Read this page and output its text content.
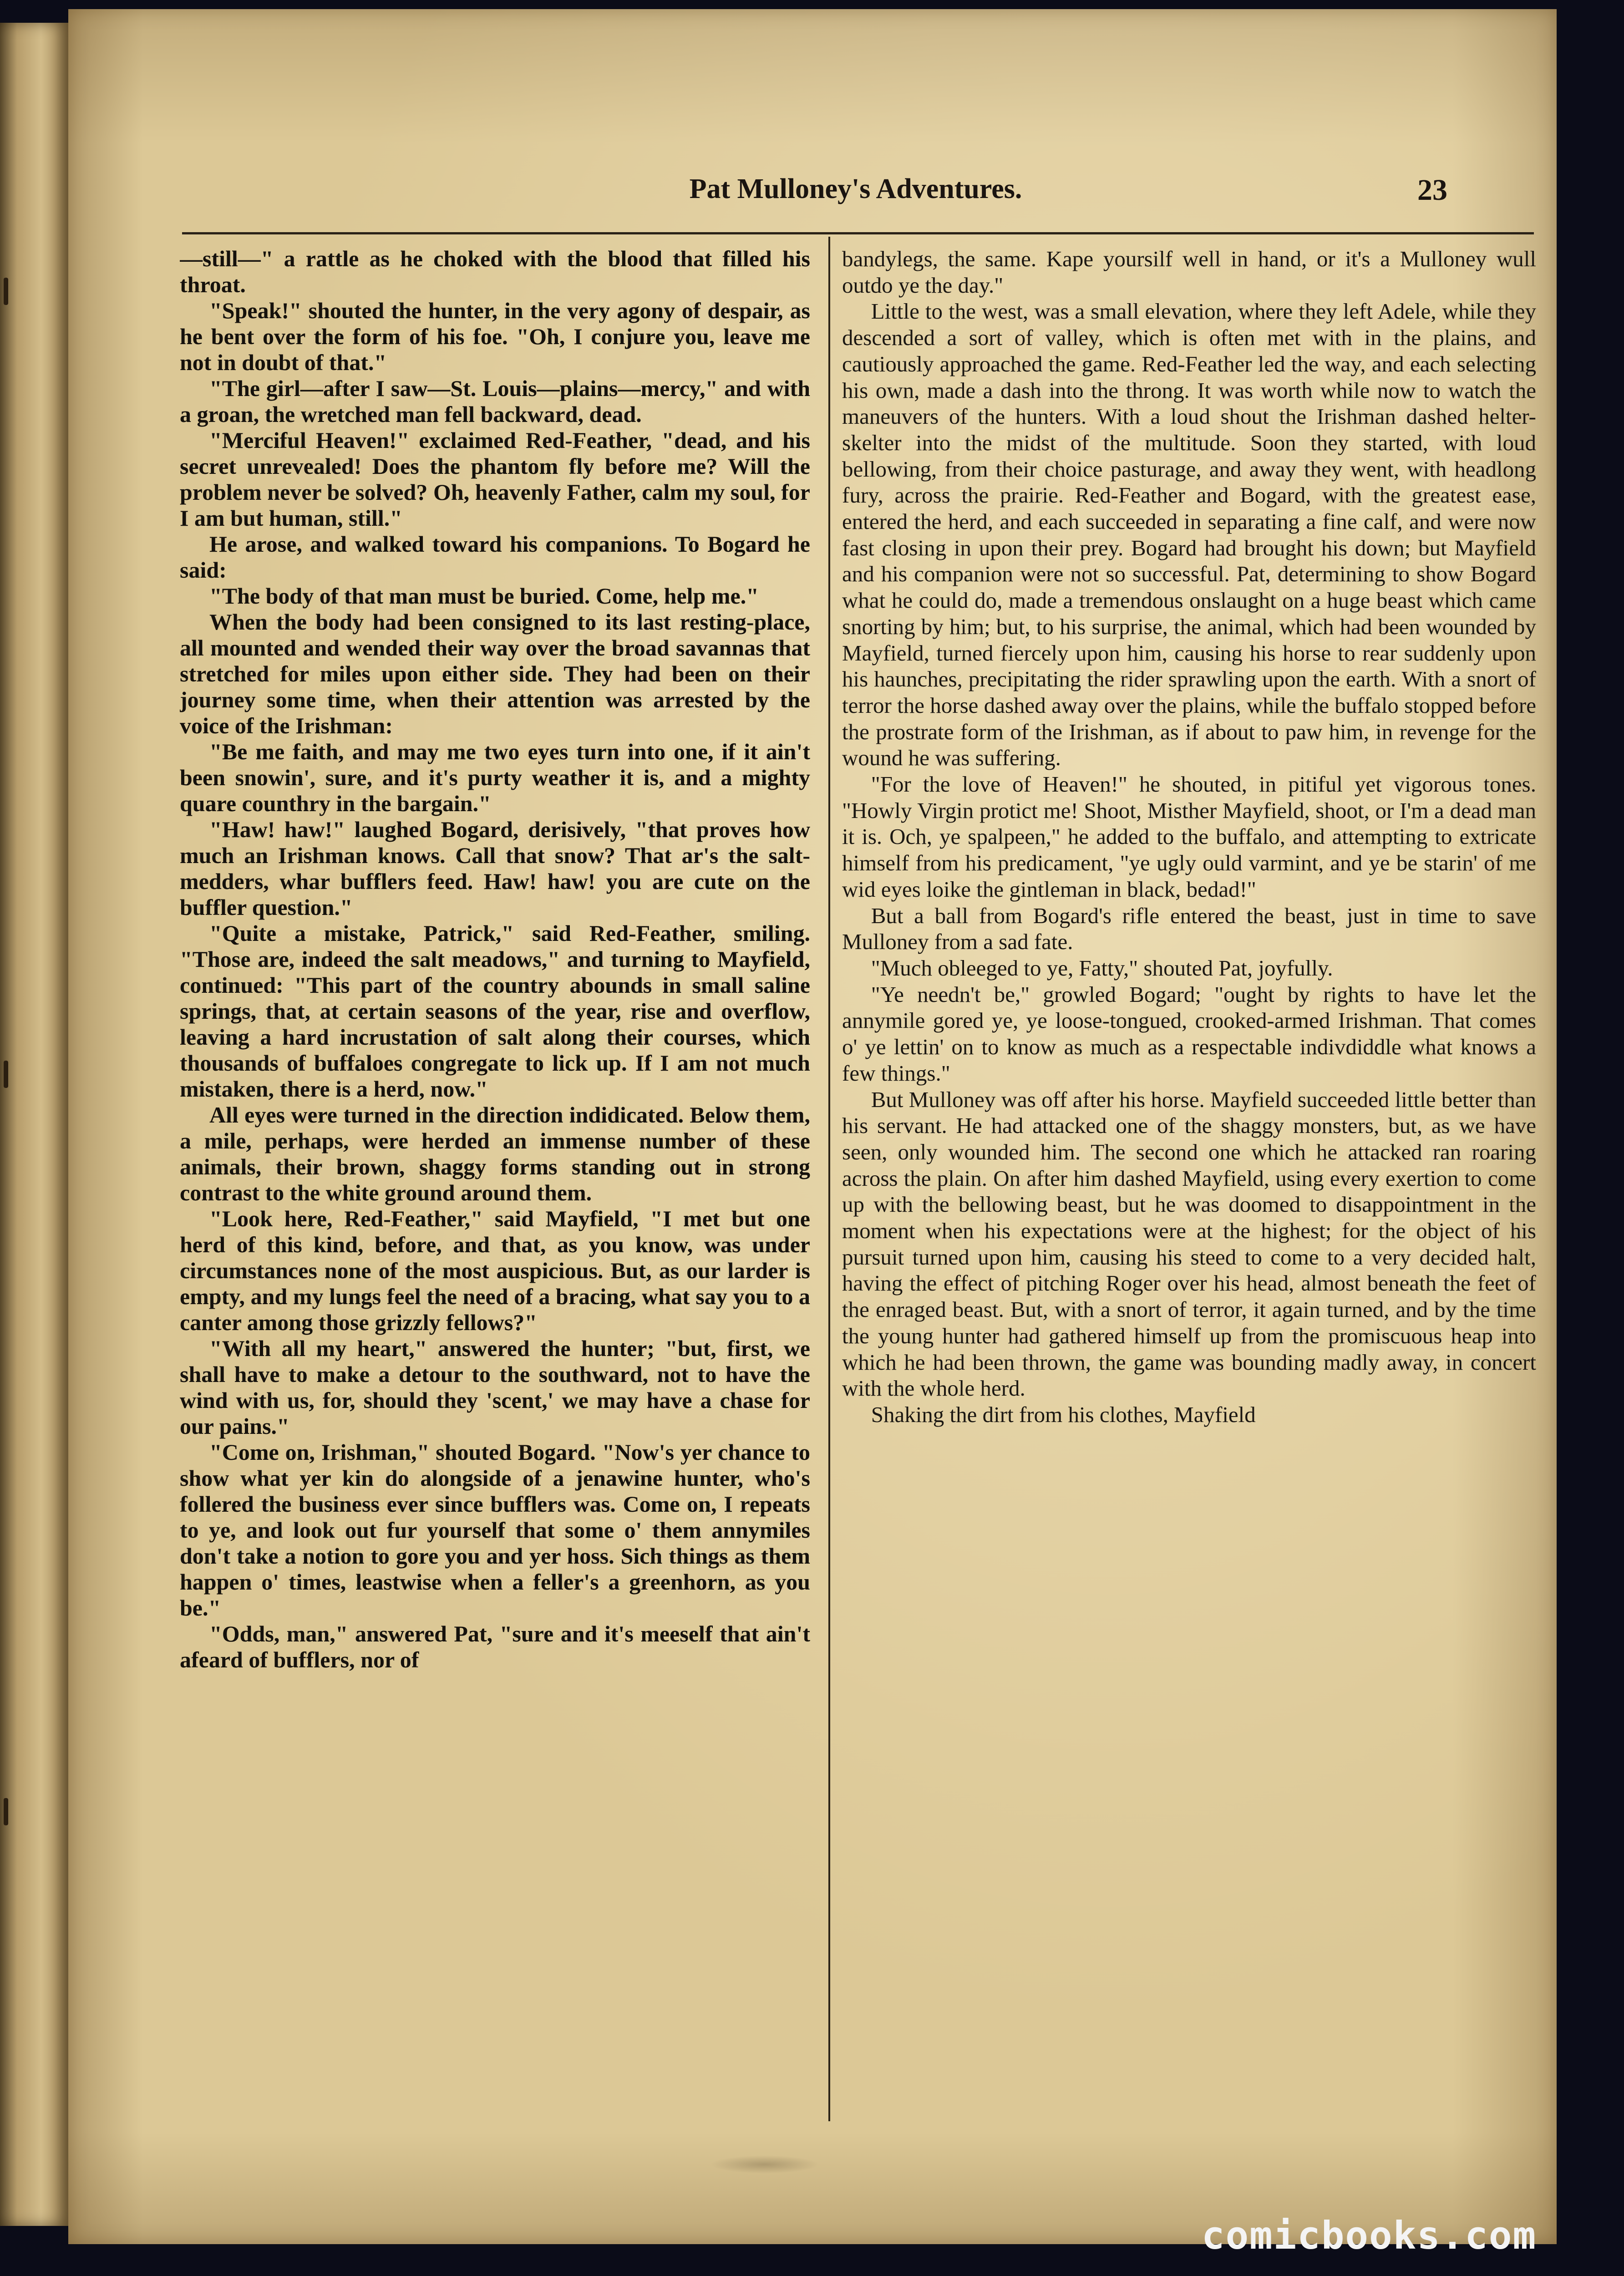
Pat Mulloney's Adventures.	23

—still—" a rattle as he choked with the blood that filled his throat.

"Speak!" shouted the hunter, in the very agony of despair, as he bent over the form of his foe. "Oh, I conjure you, leave me not in doubt of that."

"The girl—after I saw—St. Louis—plains—mercy," and with a groan, the wretched man fell backward, dead.

"Merciful Heaven!" exclaimed Red-Feather, "dead, and his secret unrevealed! Does the phantom fly before me? Will the problem never be solved? Oh, heavenly Father, calm my soul, for I am but human, still."

He arose, and walked toward his companions. To Bogard he said:

"The body of that man must be buried. Come, help me."

When the body had been consigned to its last resting-place, all mounted and wended their way over the broad savannas that stretched for miles upon either side. They had been on their journey some time, when their attention was arrested by the voice of the Irishman:

"Be me faith, and may me two eyes turn into one, if it ain't been snowin', sure, and it's purty weather it is, and a mighty quare counthry in the bargain."

"Haw! haw!" laughed Bogard, derisively, "that proves how much an Irishman knows. Call that snow? That ar's the salt-medders, whar bufflers feed. Haw! haw! you are cute on the buffler question."

"Quite a mistake, Patrick," said Red-Feather, smiling. "Those are, indeed the salt meadows," and turning to Mayfield, continued: "This part of the country abounds in small saline springs, that, at certain seasons of the year, rise and overflow, leaving a hard incrustation of salt along their courses, which thousands of buffaloes congregate to lick up. If I am not much mistaken, there is a herd, now."

All eyes were turned in the direction indidicated. Below them, a mile, perhaps, were herded an immense number of these animals, their brown, shaggy forms standing out in strong contrast to the white ground around them.

"Look here, Red-Feather," said Mayfield, "I met but one herd of this kind, before, and that, as you know, was under circumstances none of the most auspicious. But, as our larder is empty, and my lungs feel the need of a bracing, what say you to a canter among those grizzly fellows?"

"With all my heart," answered the hunter; "but, first, we shall have to make a detour to the southward, not to have the wind with us, for, should they 'scent,' we may have a chase for our pains."

"Come on, Irishman," shouted Bogard. "Now's yer chance to show what yer kin do alongside of a jenawine hunter, who's follered the business ever since bufflers was. Come on, I repeats to ye, and look out fur yourself that some o' them annymiles don't take a notion to gore you and yer hoss. Sich things as them happen o' times, leastwise when a feller's a greenhorn, as you be."

"Odds, man," answered Pat, "sure and it's meeself that ain't afeard of bufflers, nor of

bandylegs, the same. Kape yoursilf well in hand, or it's a Mulloney wull outdo ye the day."

Little to the west, was a small elevation, where they left Adele, while they descended a sort of valley, which is often met with in the plains, and cautiously approached the game. Red-Feather led the way, and each selecting his own, made a dash into the throng. It was worth while now to watch the maneuvers of the hunters. With a loud shout the Irishman dashed helter-skelter into the midst of the multitude. Soon they started, with loud bellowing, from their choice pasturage, and away they went, with headlong fury, across the prairie. Red-Feather and Bogard, with the greatest ease, entered the herd, and each succeeded in separating a fine calf, and were now fast closing in upon their prey. Bogard had brought his down; but Mayfield and his companion were not so successful. Pat, determining to show Bogard what he could do, made a tremendous onslaught on a huge beast which came snorting by him; but, to his surprise, the animal, which had been wounded by Mayfield, turned fiercely upon him, causing his horse to rear suddenly upon his haunches, precipitating the rider sprawling upon the earth. With a snort of terror the horse dashed away over the plains, while the buffalo stopped before the prostrate form of the Irishman, as if about to paw him, in revenge for the wound he was suffering.

"For the love of Heaven!" he shouted, in pitiful yet vigorous tones. "Howly Virgin protict me! Shoot, Misther Mayfield, shoot, or I'm a dead man it is. Och, ye spalpeen," he added to the buffalo, and attempting to extricate himself from his predicament, "ye ugly ould varmint, and ye be starin' of me wid eyes loike the gintleman in black, bedad!"

But a ball from Bogard's rifle entered the beast, just in time to save Mulloney from a sad fate.

"Much obleeged to ye, Fatty," shouted Pat, joyfully.

"Ye needn't be," growled Bogard; "ought by rights to have let the annymile gored ye, ye loose-tongued, crooked-armed Irishman. That comes o' ye lettin' on to know as much as a respectable indivdiddle what knows a few things."

But Mulloney was off after his horse. Mayfield succeeded little better than his servant. He had attacked one of the shaggy monsters, but, as we have seen, only wounded him. The second one which he attacked ran roaring across the plain. On after him dashed Mayfield, using every exertion to come up with the bellowing beast, but he was doomed to disappointment in the moment when his expectations were at the highest; for the object of his pursuit turned upon him, causing his steed to come to a very decided halt, having the effect of pitching Roger over his head, almost beneath the feet of the enraged beast. But, with a snort of terror, it again turned, and by the time the young hunter had gathered himself up from the promiscuous heap into which he had been thrown, the game was bounding madly away, in concert with the whole herd.

Shaking the dirt from his clothes, Mayfield

comicbooks.com
